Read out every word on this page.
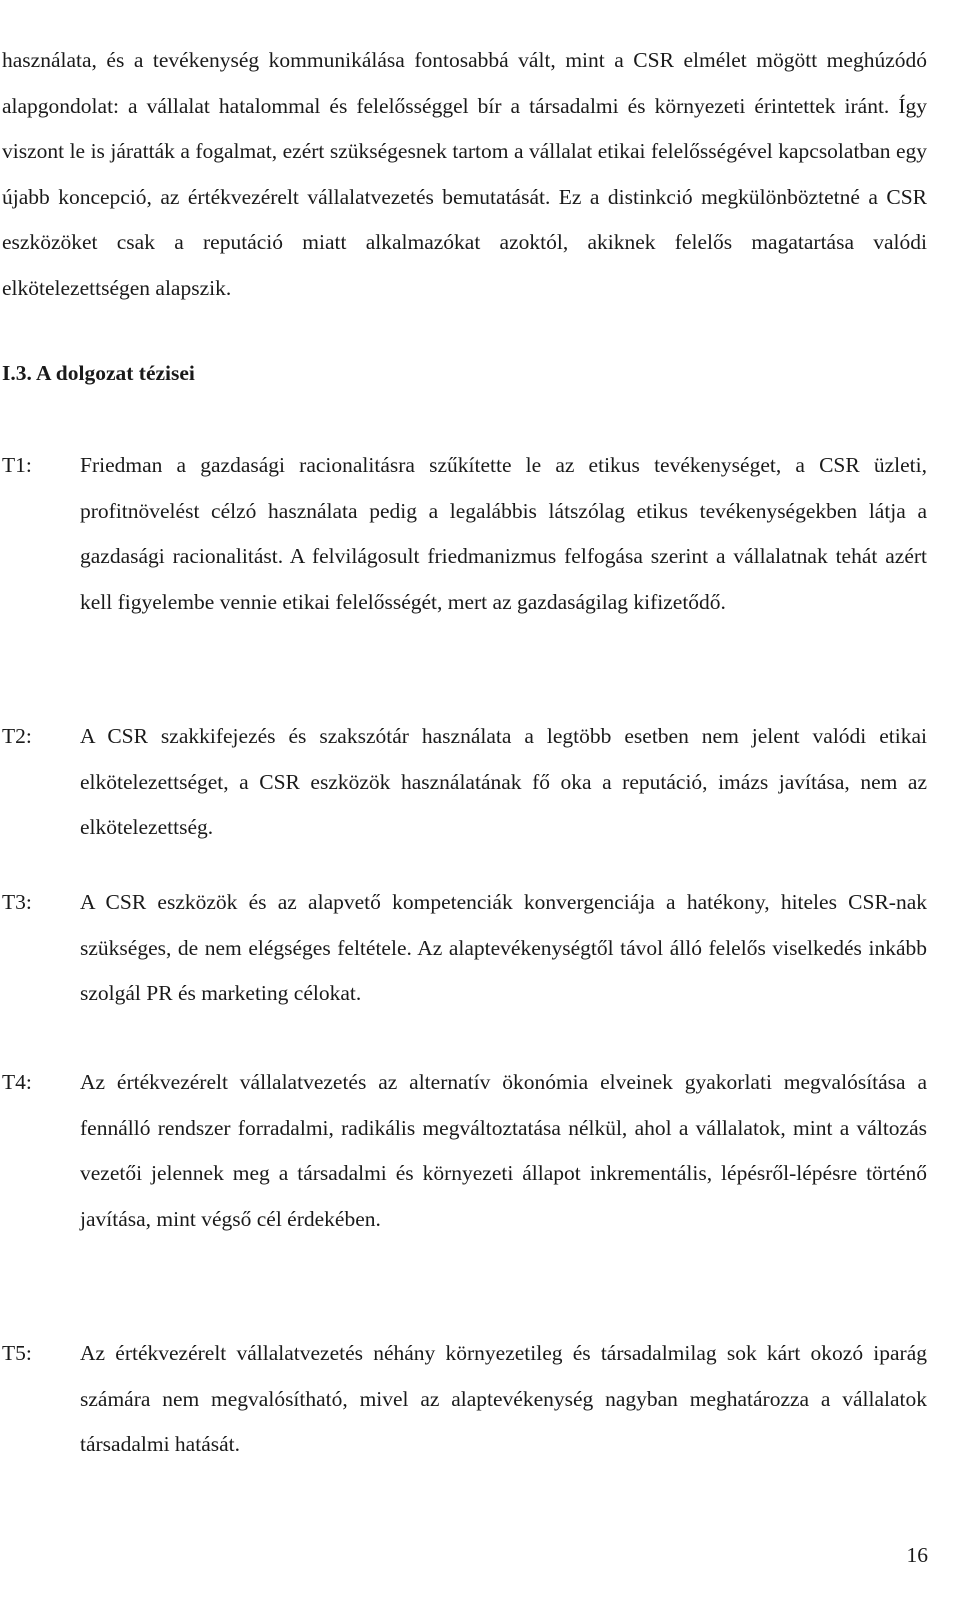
használata, és a tevékenység kommunikálása fontosabbá vált, mint a CSR elmélet mögött meghúzódó alapgondolat: a vállalat hatalommal és felelősséggel bír a társadalmi és környezeti érintettek iránt. Így viszont le is járatták a fogalmat, ezért szükségesnek tartom a vállalat etikai felelősségével kapcsolatban egy újabb koncepció, az értékvezérelt vállalatvezetés bemutatását. Ez a distinkció megkülönböztetné a CSR eszközöket csak a reputáció miatt alkalmazókat azoktól, akiknek felelős magatartása valódi elkötelezettségen alapszik.

I.3. A dolgozat tézisei
T1: Friedman a gazdasági racionalitásra szűkítette le az etikus tevékenységet, a CSR üzleti, profitnövelést célzó használata pedig a legalábbis látszólag etikus tevékenységekben látja a gazdasági racionalitást. A felvilágosult friedmanizmus felfogása szerint a vállalatnak tehát azért kell figyelembe vennie etikai felelősségét, mert az gazdaságilag kifizetődő.

T2: A CSR szakkifejezés és szakszótár használata a legtöbb esetben nem jelent valódi etikai elkötelezettséget, a CSR eszközök használatának fő oka a reputáció, imázs javítása, nem az elkötelezettség.

T3: A CSR eszközök és az alapvető kompetenciák konvergenciája a hatékony, hiteles CSR-nak szükséges, de nem elégséges feltétele. Az alaptevékenységtől távol álló felelős viselkedés inkább szolgál PR és marketing célokat.

T4: Az értékvezérelt vállalatvezetés az alternatív ökonómia elveinek gyakorlati megvalósítása a fennálló rendszer forradalmi, radikális megváltoztatása nélkül, ahol a vállalatok, mint a változás vezetői jelennek meg a társadalmi és környezeti állapot inkrementális, lépésről-lépésre történő javítása, mint végső cél érdekében.

T5: Az értékvezérelt vállalatvezetés néhány környezetileg és társadalmilag sok kárt okozó iparág számára nem megvalósítható, mivel az alaptevékenység nagyban meghatározza a vállalatok társadalmi hatását.

16
